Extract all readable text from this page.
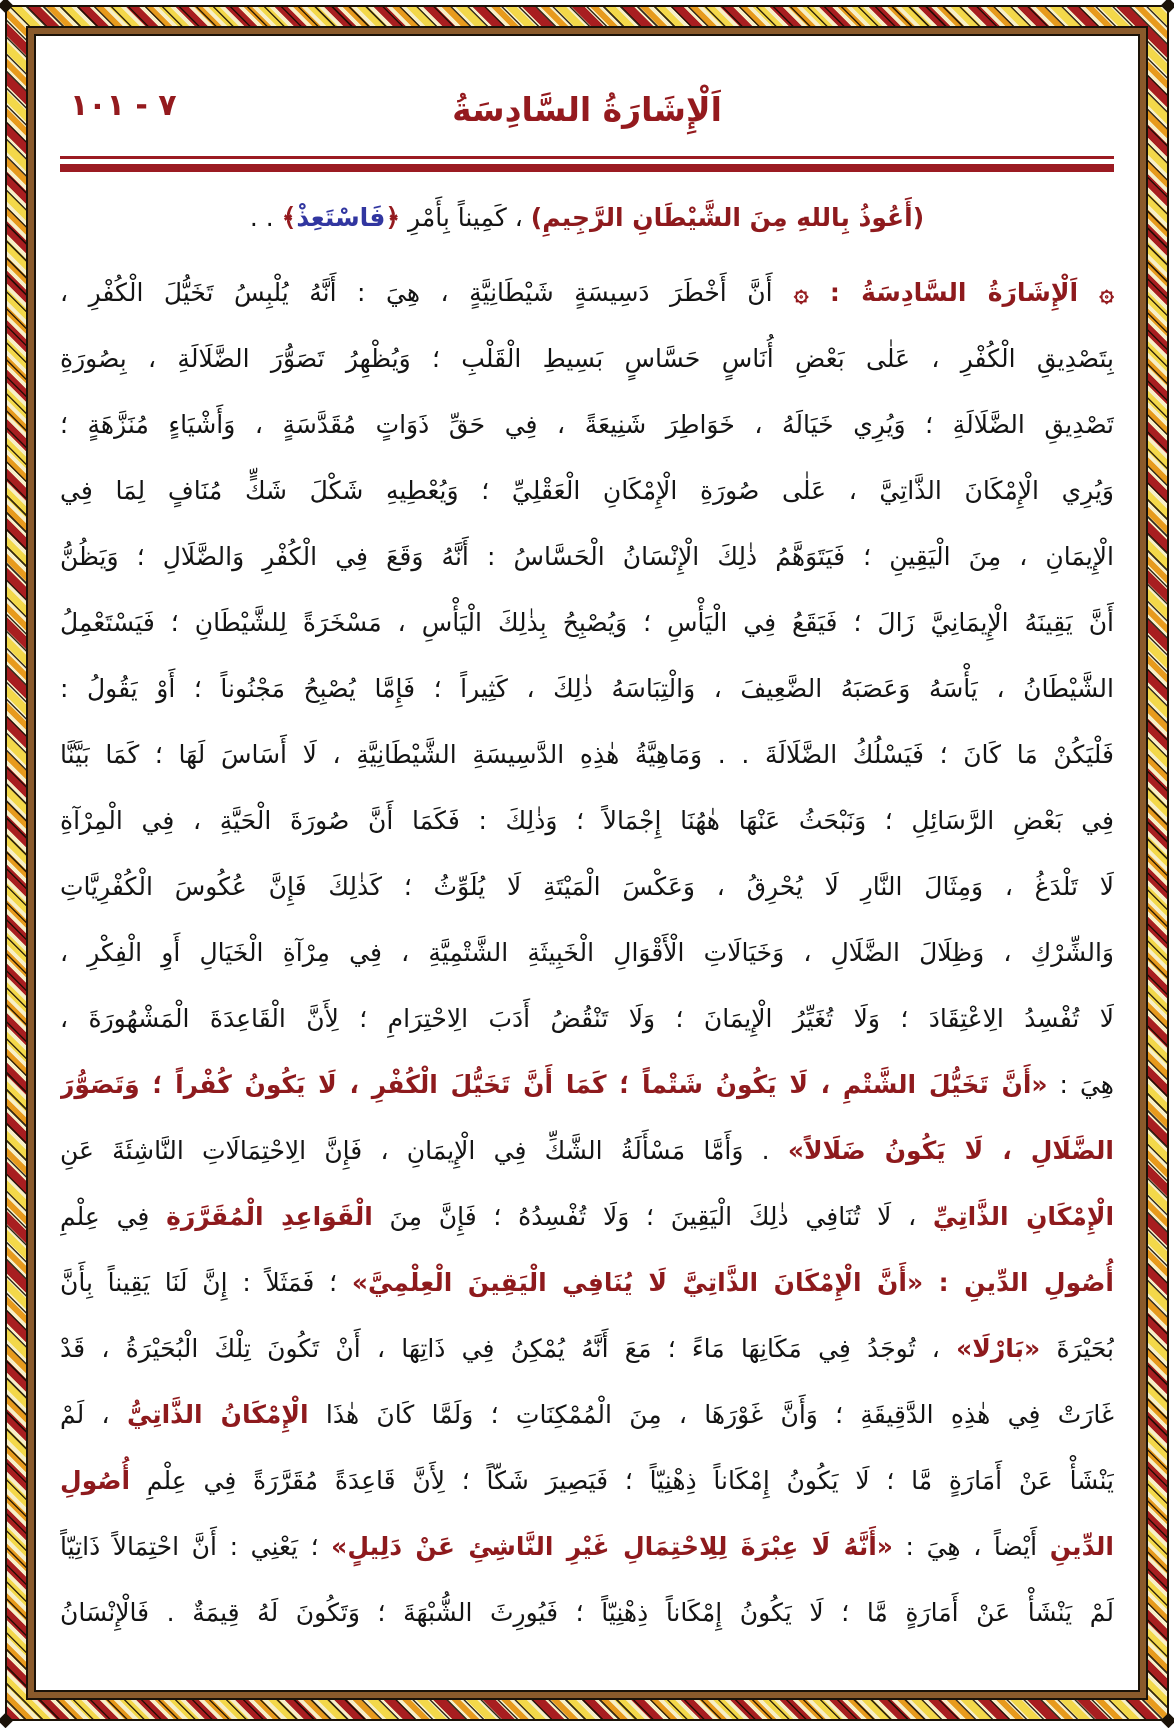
٧ - ١٠١	اَلْإِشَارَةُ السَّادِسَةُ
(أَعُوذُ بِاللهِ مِنَ الشَّيْطَانِ الرَّجِيمِ) ، كَمِيناً بِأَمْرِ ﴿فَاسْتَعِذْ﴾ . .
۞ اَلْإِشَارَةُ السَّادِسَةُ : ۞ أَنَّ أَخْطَرَ دَسِيسَةٍ شَيْطَانِيَّةٍ ، هِيَ : أَنَّهُ يُلْبِسُ تَخَيُّلَ الْكُفْرِ ،
بِتَصْدِيقِ الْكُفْرِ ، عَلٰى بَعْضِ أُنَاسٍ حَسَّاسٍ بَسِيطِ الْقَلْبِ ؛ وَيُظْهِرُ تَصَوُّرَ الضَّلَالَةِ ، بِصُورَةِ
تَصْدِيقِ الضَّلَالَةِ ؛ وَيُرِي خَيَالَهُ ، خَوَاطِرَ شَنِيعَةً ، فِي حَقِّ ذَوَاتٍ مُقَدَّسَةٍ ، وَأَشْيَاءٍ مُنَزَّهَةٍ ؛
وَيُرِي الْإِمْكَانَ الذَّاتِيَّ ، عَلٰى صُورَةِ الْإِمْكَانِ الْعَقْلِيِّ ؛ وَيُعْطِيهِ شَكْلَ شَكٍّ مُنَافٍ لِمَا فِي
الْإِيمَانِ ، مِنَ الْيَقِينِ ؛ فَيَتَوَهَّمُ ذٰلِكَ الْإِنْسَانُ الْحَسَّاسُ : أَنَّهُ وَقَعَ فِي الْكُفْرِ وَالضَّلَالِ ؛ وَيَظُنُّ
أَنَّ يَقِينَهُ الْإِيمَانِيَّ زَالَ ؛ فَيَقَعُ فِي الْيَأْسِ ؛ وَيُصْبِحُ بِذٰلِكَ الْيَأْسِ ، مَسْخَرَةً لِلشَّيْطَانِ ؛ فَيَسْتَعْمِلُ
الشَّيْطَانُ ، يَأْسَهُ وَعَصَبَهُ الضَّعِيفَ ، وَالْتِبَاسَهُ ذٰلِكَ ، كَثِيراً ؛ فَإِمَّا يُصْبِحُ مَجْنُوناً ؛ أَوْ يَقُولُ :
فَلْيَكُنْ مَا كَانَ ؛ فَيَسْلُكُ الضَّلَالَةَ . . وَمَاهِيَّةُ هٰذِهِ الدَّسِيسَةِ الشَّيْطَانِيَّةِ ، لَا أَسَاسَ لَهَا ؛ كَمَا بَيَّنَّا
فِي بَعْضِ الرَّسَائِلِ ؛ وَنَبْحَثُ عَنْهَا هٰهُنَا إِجْمَالاً ؛ وَذٰلِكَ : فَكَمَا أَنَّ صُورَةَ الْحَيَّةِ ، فِي الْمِرْآةِ
لَا تَلْدَغُ ، وَمِثَالَ النَّارِ لَا يُحْرِقُ ، وَعَكْسَ الْمَيْتَةِ لَا يُلَوِّثُ ؛ كَذٰلِكَ فَإِنَّ عُكُوسَ الْكُفْرِيَّاتِ
وَالشِّرْكِ ، وَظِلَالَ الضَّلَالِ ، وَخَيَالَاتِ الْأَقْوَالِ الْخَبِيثَةِ الشَّتْمِيَّةِ ، فِي مِرْآةِ الْخَيَالِ أَوِ الْفِكْرِ ،
لَا تُفْسِدُ الِاعْتِقَادَ ؛ وَلَا تُغَيِّرُ الْإِيمَانَ ؛ وَلَا تَنْقُضُ أَدَبَ الِاحْتِرَامِ ؛ لِأَنَّ الْقَاعِدَةَ الْمَشْهُورَةَ ،
هِيَ : «أَنَّ تَخَيُّلَ الشَّتْمِ ، لَا يَكُونُ شَتْماً ؛ كَمَا أَنَّ تَخَيُّلَ الْكُفْرِ ، لَا يَكُونُ كُفْراً ؛ وَتَصَوُّرَ
الضَّلَالِ ، لَا يَكُونُ ضَلَالاً» . وَأَمَّا مَسْأَلَةُ الشَّكِّ فِي الْإِيمَانِ ، فَإِنَّ الِاحْتِمَالَاتِ النَّاشِئَةَ عَنِ
الْإِمْكَانِ الذَّاتِيِّ ، لَا تُنَافِي ذٰلِكَ الْيَقِينَ ؛ وَلَا تُفْسِدُهُ ؛ فَإِنَّ مِنَ الْقَوَاعِدِ الْمُقَرَّرَةِ فِي عِلْمِ
أُصُولِ الدِّينِ : «أَنَّ الْإِمْكَانَ الذَّاتِيَّ لَا يُنَافِي الْيَقِينَ الْعِلْمِيَّ» ؛ فَمَثَلاً : إِنَّ لَنَا يَقِيناً بِأَنَّ
بُحَيْرَةَ «بَارْلَا» ، تُوجَدُ فِي مَكَانِهَا مَاءً ؛ مَعَ أَنَّهُ يُمْكِنُ فِي ذَاتِهَا ، أَنْ تَكُونَ تِلْكَ الْبُحَيْرَةُ ، قَدْ
غَارَتْ فِي هٰذِهِ الدَّقِيقَةِ ؛ وَأَنَّ غَوْرَهَا ، مِنَ الْمُمْكِنَاتِ ؛ وَلَمَّا كَانَ هٰذَا الْإِمْكَانُ الذَّاتِيُّ ، لَمْ
يَنْشَأْ عَنْ أَمَارَةٍ مَّا ؛ لَا يَكُونُ إِمْكَاناً ذِهْنِيّاً ؛ فَيَصِيرَ شَكّاً ؛ لِأَنَّ قَاعِدَةً مُقَرَّرَةً فِي عِلْمِ أُصُولِ
الدِّينِ أَيْضاً ، هِيَ : «أَنَّهُ لَا عِبْرَةَ لِلِاحْتِمَالِ غَيْرِ النَّاشِئِ عَنْ دَلِيلٍ» ؛ يَعْنِي : أَنَّ احْتِمَالاً ذَاتِيّاً
لَمْ يَنْشَأْ عَنْ أَمَارَةٍ مَّا ؛ لَا يَكُونُ إِمْكَاناً ذِهْنِيّاً ؛ فَيُورِثَ الشُّبْهَةَ ؛ وَتَكُونَ لَهُ قِيمَةٌ . فَالْإِنْسَانُ
